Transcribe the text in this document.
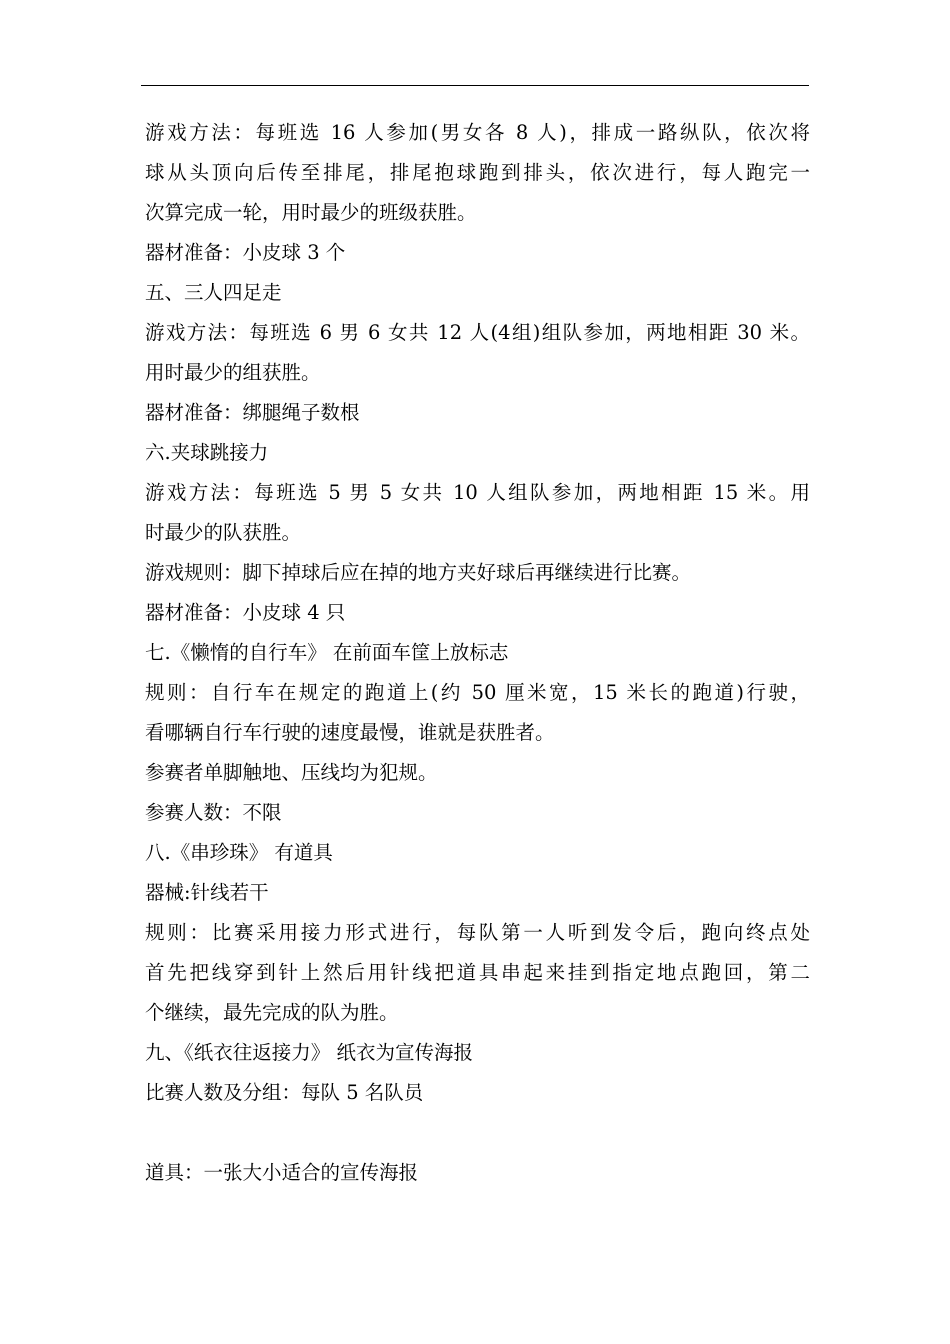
游戏方法：每班选 16 人参加(男女各 8 人)，排成一路纵队，依次将
球从头顶向后传至排尾，排尾抱球跑到排头，依次进行，每人跑完一
次算完成一轮，用时最少的班级获胜。
器材准备：小皮球 3 个
五、三人四足走
游戏方法：每班选 6 男 6 女共 12 人(4组)组队参加，两地相距 30 米。
用时最少的组获胜。
器材准备：绑腿绳子数根
六.夹球跳接力
游戏方法：每班选 5 男 5 女共 10 人组队参加，两地相距 15 米。用
时最少的队获胜。
游戏规则：脚下掉球后应在掉的地方夹好球后再继续进行比赛。
器材准备：小皮球 4 只
七.《懒惰的自行车》 在前面车筐上放标志
规则：自行车在规定的跑道上(约 50 厘米宽，15 米长的跑道)行驶，
看哪辆自行车行驶的速度最慢，谁就是获胜者。
参赛者单脚触地、压线均为犯规。
参赛人数：不限
八.《串珍珠》 有道具
器械:针线若干
规则：比赛采用接力形式进行，每队第一人听到发令后，跑向终点处
首先把线穿到针上然后用针线把道具串起来挂到指定地点跑回，第二
个继续，最先完成的队为胜。
九、《纸衣往返接力》 纸衣为宣传海报
比赛人数及分组：每队 5 名队员
道具：一张大小适合的宣传海报
